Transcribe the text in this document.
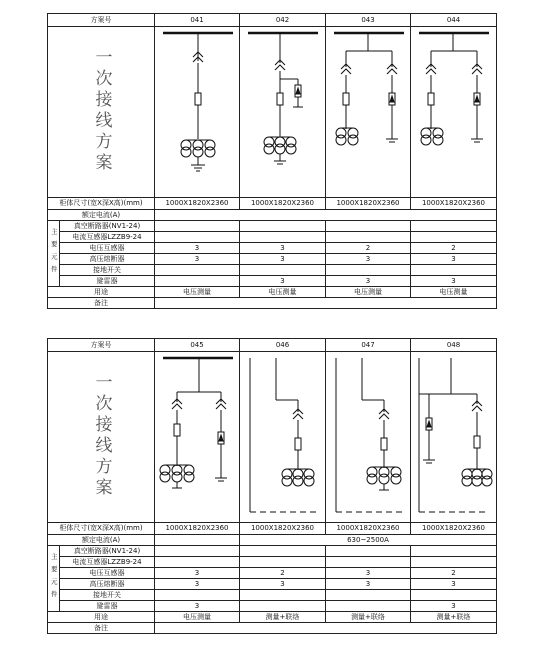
方案号		041	042	043	044
一次接线方案	

柜体尺寸(宽X深X高)(mm)		1000X1820X2360	1000X1820X2360	1000X1820X2360	1000X1820X2360
额定电流(A)					
主要元件	真空断路器(NV1-24)				
	电流互感器LZZB9-24				
	电压互感器	3	3	2	2
	高压熔断器	3	3	3	3
	接地开关				
	避雷器		3	3	3
用途		电压测量	电压测量	电压测量	电压测量
备注					
方案号		045	046	047	048
一次接线方案	

柜体尺寸(宽X深X高)(mm)		1000X1820X2360	1000X1820X2360	1000X1820X2360	1000X1820X2360
额定电流(A)			630~2500A		
主要元件	真空断路器(NV1-24)				
	电流互感器LZZB9-24				
	电压互感器	3	2	3	2
	高压熔断器	3	3	3	3
	接地开关				
	避雷器	3			3
用途		电压测量	测量+联络	测量+联络	测量+联络
备注					
